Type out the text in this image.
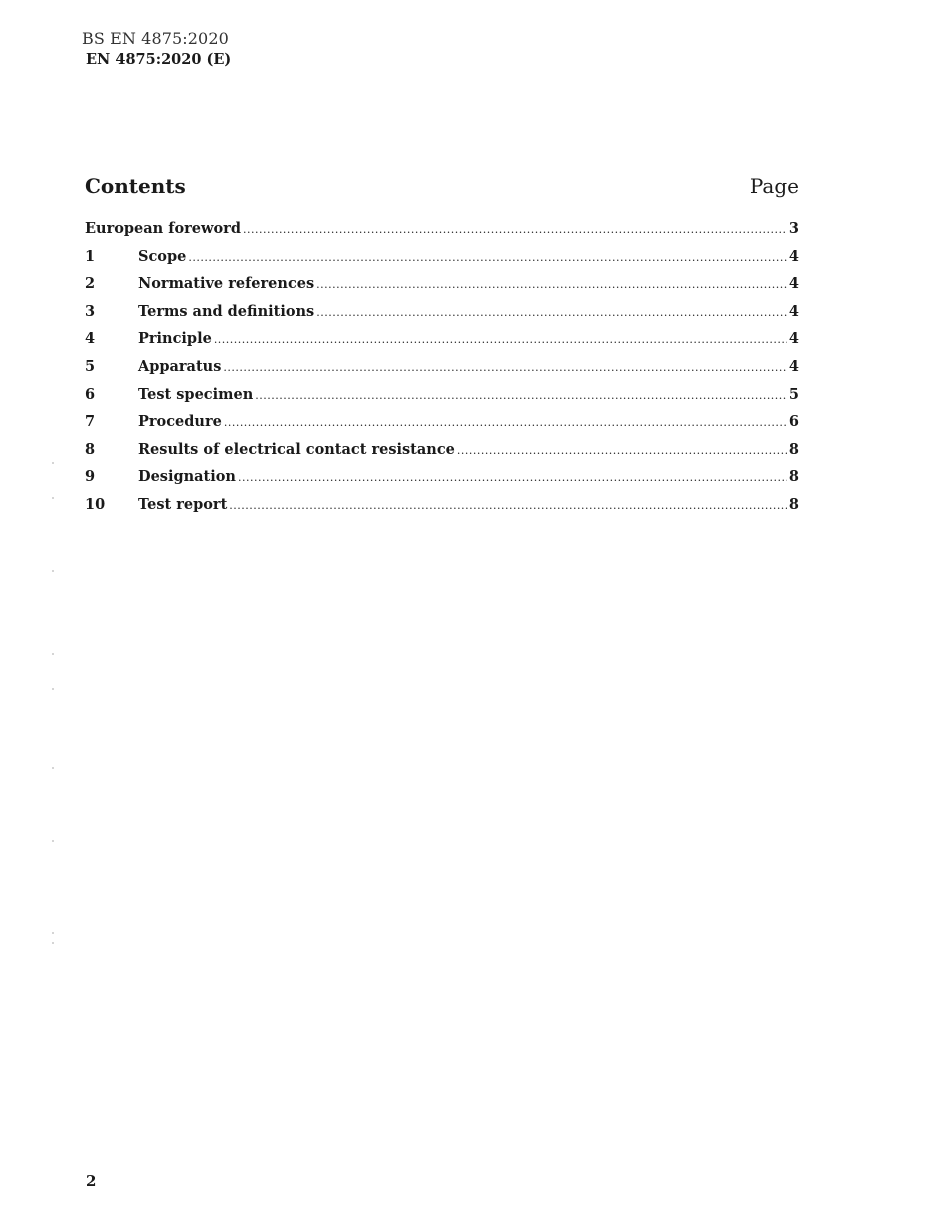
BS EN 4875:2020
EN 4875:2020 (E)
Contents	Page
European foreword .....	3
1	Scope .....	4
2	Normative references .....	4
3	Terms and definitions .....	4
4	Principle .....	4
5	Apparatus .....	4
6	Test specimen .....	5
7	Procedure .....	6
8	Results of electrical contact resistance .....	8
9	Designation .....	8
10	Test report .....	8
2
